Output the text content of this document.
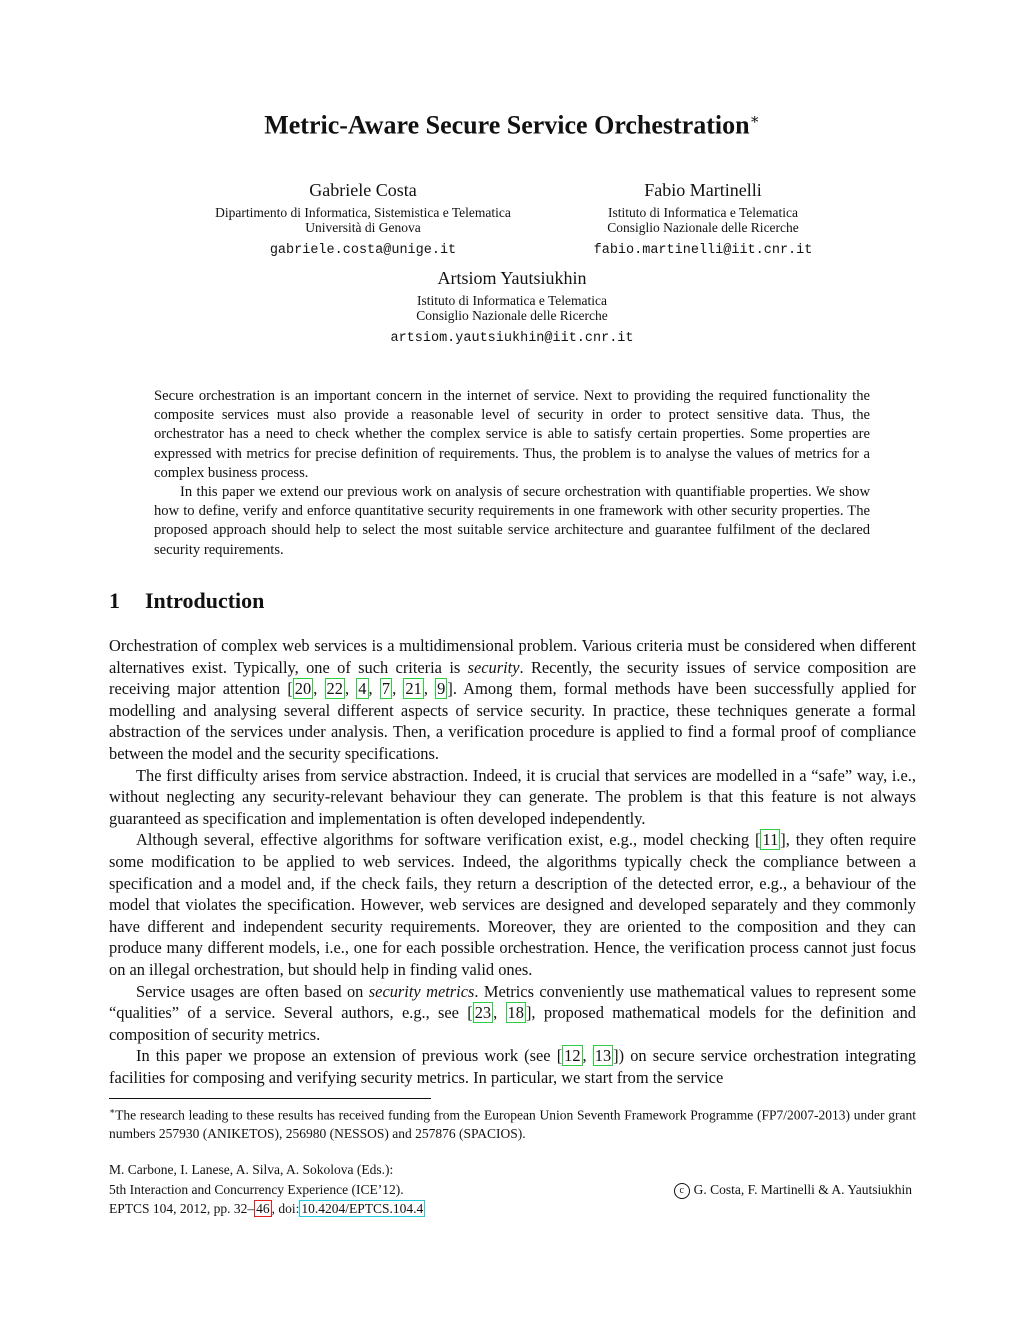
Metric-Aware Secure Service Orchestration∗
Gabriele Costa
Dipartimento di Informatica, Sistemistica e Telematica
Università di Genova
gabriele.costa@unige.it
Fabio Martinelli
Istituto di Informatica e Telematica
Consiglio Nazionale delle Ricerche
fabio.martinelli@iit.cnr.it
Artsiom Yautsiukhin
Istituto di Informatica e Telematica
Consiglio Nazionale delle Ricerche
artsiom.yautsiukhin@iit.cnr.it

Secure orchestration is an important concern in the internet of service. Next to providing the required functionality the composite services must also provide a reasonable level of security in order to protect sensitive data. Thus, the orchestrator has a need to check whether the complex service is able to satisfy certain properties. Some properties are expressed with metrics for precise definition of requirements. Thus, the problem is to analyse the values of metrics for a complex business process.

In this paper we extend our previous work on analysis of secure orchestration with quantifiable properties. We show how to define, verify and enforce quantitative security requirements in one framework with other security properties. The proposed approach should help to select the most suitable service architecture and guarantee fulfilment of the declared security requirements.

1 Introduction

Orchestration of complex web services is a multidimensional problem. Various criteria must be considered when different alternatives exist. Typically, one of such criteria is security. Recently, the security issues of service composition are receiving major attention [ 20 , 22 , 4 , 7 , 21 , 9 ]. Among them, formal methods have been successfully applied for modelling and analysing several different aspects of service security. In practice, these techniques generate a formal abstraction of the services under analysis. Then, a verification procedure is applied to find a formal proof of compliance between the model and the security specifications.

The first difficulty arises from service abstraction. Indeed, it is crucial that services are modelled in a “safe” way, i.e., without neglecting any security-relevant behaviour they can generate. The problem is that this feature is not always guaranteed as specification and implementation is often developed independently.

Although several, effective algorithms for software verification exist, e.g., model checking [ 11 ], they often require some modification to be applied to web services. Indeed, the algorithms typically check the compliance between a specification and a model and, if the check fails, they return a description of the detected error, e.g., a behaviour of the model that violates the specification. However, web services are designed and developed separately and they commonly have different and independent security requirements. Moreover, they are oriented to the composition and they can produce many different models, i.e., one for each possible orchestration. Hence, the verification process cannot just focus on an illegal orchestration, but should help in finding valid ones.

Service usages are often based on security metrics. Metrics conveniently use mathematical values to represent some “qualities” of a service. Several authors, e.g., see [ 23 , 18 ], proposed mathematical models for the definition and composition of security metrics.

In this paper we propose an extension of previous work (see [ 12 , 13 ]) on secure service orchestration integrating facilities for composing and verifying security metrics. In particular, we start from the service

∗The research leading to these results has received funding from the European Union Seventh Framework Programme (FP7/2007-2013) under grant numbers 257930 (ANIKETOS), 256980 (NESSOS) and 257876 (SPACIOS).
M. Carbone, I. Lanese, A. Silva, A. Sokolova (Eds.):
5th Interaction and Concurrency Experience (ICE’12).
EPTCS 104, 2012, pp. 32– 46 , doi: 10.4204/EPTCS.104.4
c G. Costa, F. Martinelli & A. Yautsiukhin
